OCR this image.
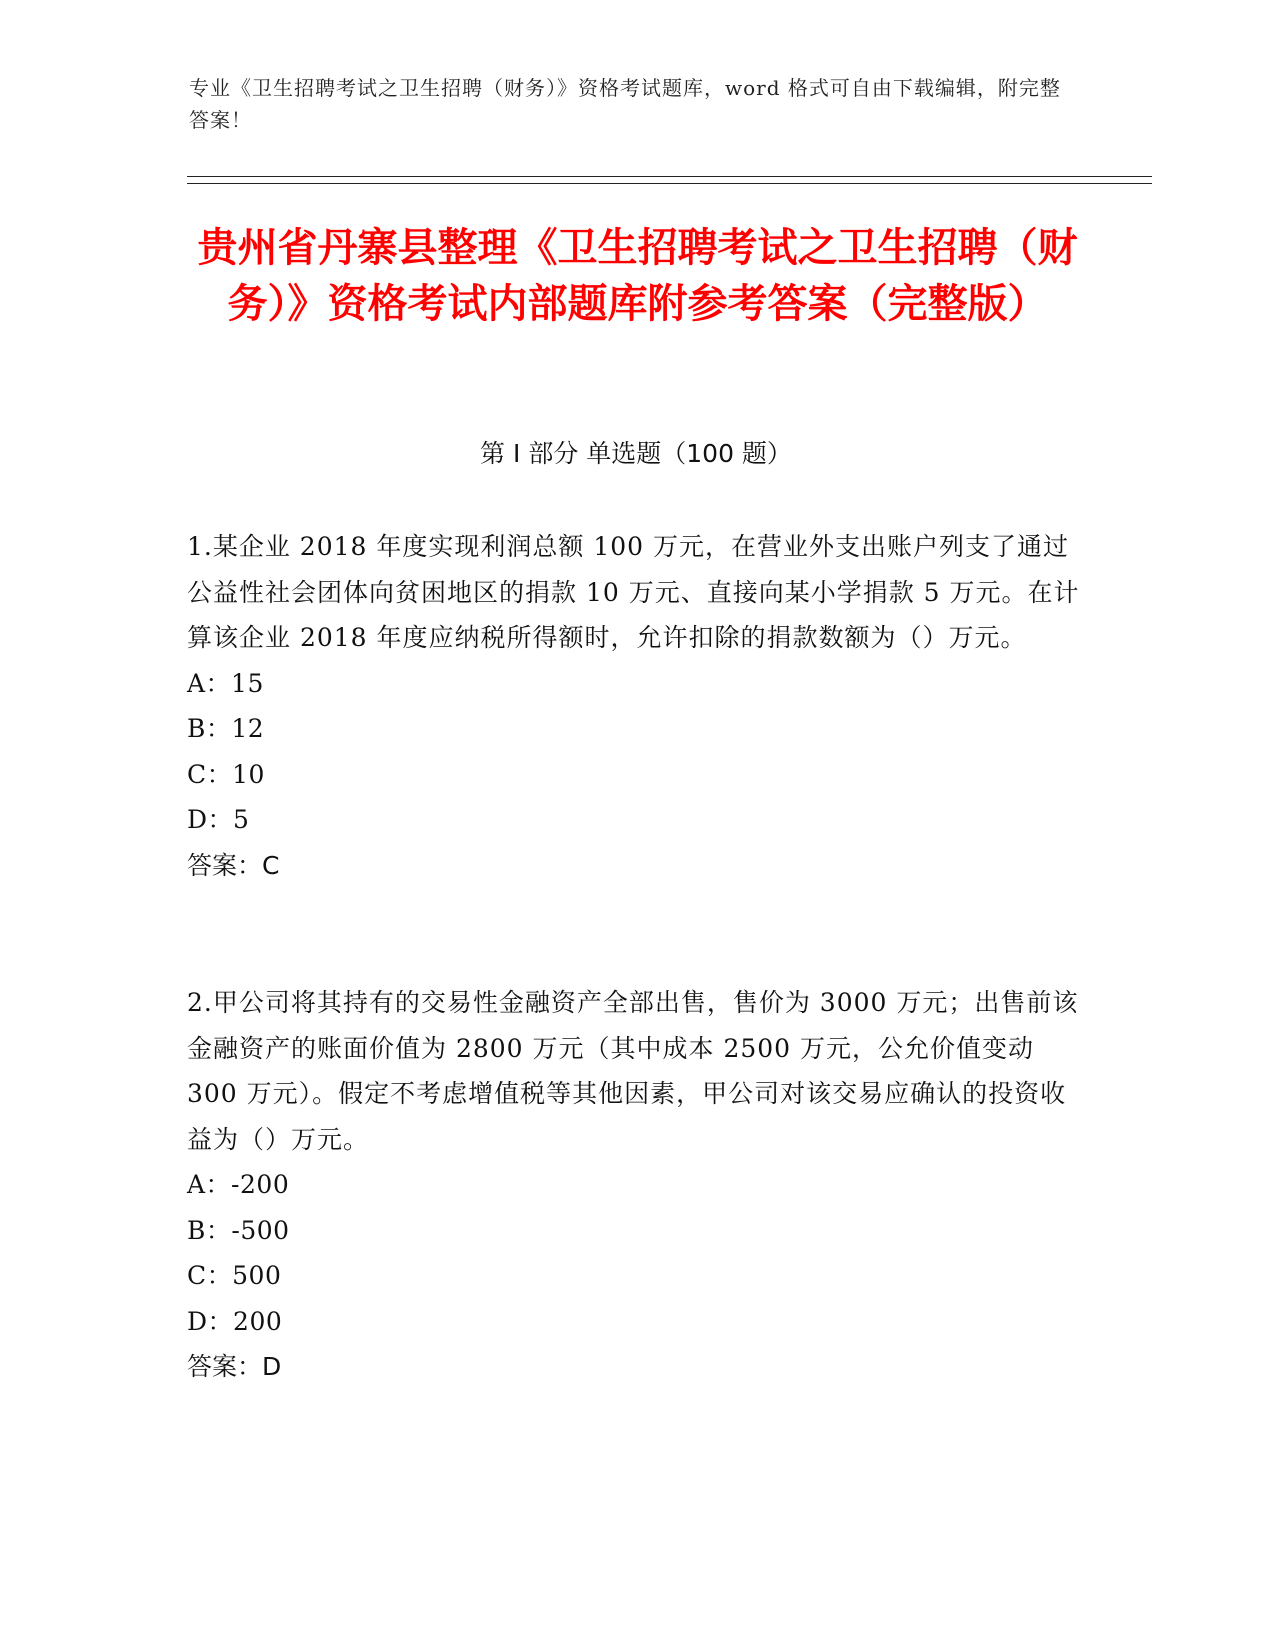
专业《卫生招聘考试之卫生招聘（财务）》资格考试题库，word 格式可自由下载编辑，附完整答案！
贵州省丹寨县整理《卫生招聘考试之卫生招聘（财务）》资格考试内部题库附参考答案（完整版）
第 I 部分 单选题（100 题）

1.某企业 2018 年度实现利润总额 100 万元，在营业外支出账户列支了通过公益性社会团体向贫困地区的捐款 10 万元、直接向某小学捐款 5 万元。在计算该企业 2018 年度应纳税所得额时，允许扣除的捐款数额为（）万元。

A：15

B：12

C：10

D：5

答案：C

2.甲公司将其持有的交易性金融资产全部出售，售价为 3000 万元；出售前该金融资产的账面价值为 2800 万元（其中成本 2500 万元，公允价值变动 300 万元）。假定不考虑增值税等其他因素，甲公司对该交易应确认的投资收益为（）万元。

A：-200

B：-500

C：500

D：200

答案：D
